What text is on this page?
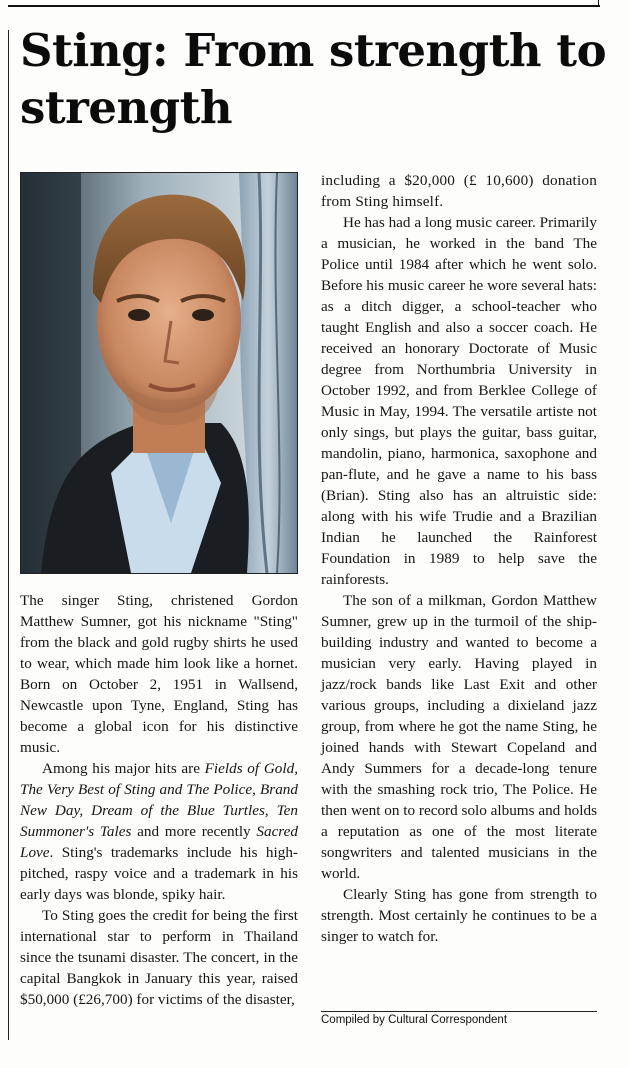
Sting: From strength to strength

The singer Sting, christened Gordon Matthew Sumner, got his nickname "Sting" from the black and gold rugby shirts he used to wear, which made him look like a hornet. Born on October 2, 1951 in Wallsend, Newcastle upon Tyne, England, Sting has become a global icon for his distinctive music.

Among his major hits are Fields of Gold, The Very Best of Sting and The Police, Brand New Day, Dream of the Blue Turtles, Ten Summoner's Tales and more recently Sacred Love. Sting's trademarks include his high-pitched, raspy voice and a trademark in his early days was blonde, spiky hair.

To Sting goes the credit for being the first international star to perform in Thailand since the tsunami disaster. The concert, in the capital Bangkok in January this year, raised $50,000 (£26,700) for victims of the disaster,

including a $20,000 (£ 10,600) donation from Sting himself.

He has had a long music career. Primarily a musician, he worked in the band The Police until 1984 after which he went solo. Before his music career he wore several hats: as a ditch digger, a school-teacher who taught English and also a soccer coach. He received an honorary Doctorate of Music degree from Northumbria University in October 1992, and from Berklee College of Music in May, 1994. The versatile artiste not only sings, but plays the guitar, bass guitar, mandolin, piano, harmonica, saxophone and pan-flute, and he gave a name to his bass (Brian). Sting also has an altruistic side: along with his wife Trudie and a Brazilian Indian he launched the Rainforest Foundation in 1989 to help save the rainforests.

The son of a milkman, Gordon Matthew Sumner, grew up in the turmoil of the ship-building industry and wanted to become a musician very early. Having played in jazz/rock bands like Last Exit and other various groups, including a dixieland jazz group, from where he got the name Sting, he joined hands with Stewart Copeland and Andy Summers for a decade-long tenure with the smashing rock trio, The Police. He then went on to record solo albums and holds a reputation as one of the most literate songwriters and talented musicians in the world.

Clearly Sting has gone from strength to strength. Most certainly he continues to be a singer to watch for.

Compiled by Cultural Correspondent
